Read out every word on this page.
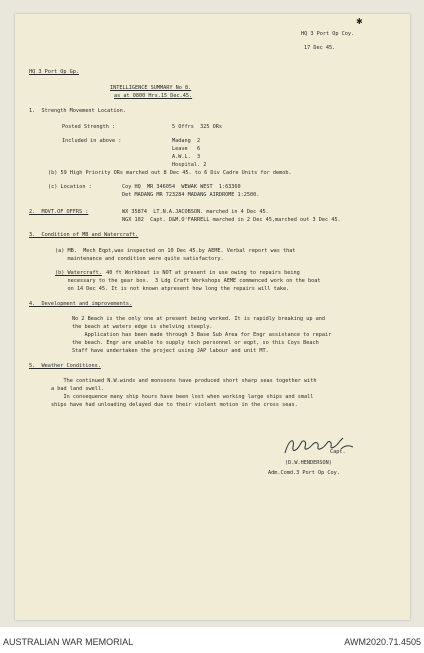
HQ 3 Port Op Coy.
17 Dec 45.
HQ 3 Port Op Gp.
INTELLIGENCE SUMMARY No 8.
as at 0800 Hrs.15 Dec.45.
1.  Strength Movement Location.
Posted Strength :	5 Offrs  325 ORs
Included in above :	Madang  2
Leave   6
A.W.L.  3
Hospital. 2
(b) 59 High Priority ORs marched out 8 Dec 45. to 6 Div Cadre Units for demob.
(c) Location :	Coy HQ  MR 346054  WEWAK WEST  1:63360
Det MADANG MR 723284 MADANG AIRDROME 1:2500.
2.  MOVT.OF OFFRS :	WX 35874  LT.N.A.JACOBSON. marched in 4 Dec 45.
NGX 102  Capt. D&M.O'FARRELL marched in 2 Dec 45,marched out 3 Dec 45.
3.  Condition of MB and Watercraft.
(a) MB.  Mech Eqpt,was inspected on 10 Dec 45.by AEME. Verbal report was that
maintenance and condition were quite satisfactory.
(b) Watercraft. 40 ft Workboat is NOT at present in use owing to repairs being
necessary to the gear box.  3 Ldg Craft Workshops AEME commenced work on the boat
on 14 Dec 45. It is not known atpresent how long the repairs will take.
4.  Development and improvements.
No 2 Beach is the only one at present being worked. It is rapidly breaking up and
the beach at waters edge is shelving steeply.
Application has been made through 3 Base Sub Area for Engr assistance to repair
the beach. Engr are unable to supply tech personnel or eqpt, so this Coys Beach
Staff have undertaken the project using JAP labour and unit MT.
5.  Weather Conditions.
The continued N.W.winds and monsoons have produced short sharp seas together with
a bad land swell.
In consequence many ship hours have been lost when working large ships and small
ships have had unloading delayed due to their violent motion in the cross seas.
Capt.
(D.W.HENDERSON)
Adm.Comd.3 Port Op Coy.
✱
AUSTRALIAN WAR MEMORIAL	AWM2020.71.4505
